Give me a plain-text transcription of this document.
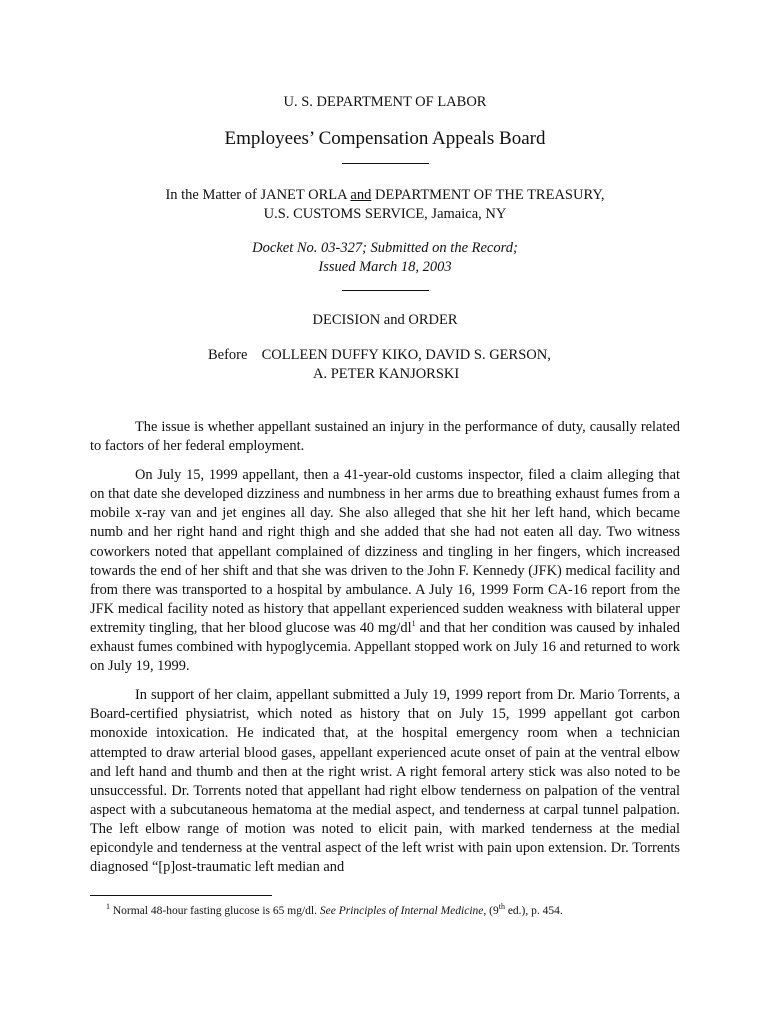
U. S. DEPARTMENT OF LABOR
Employees’ Compensation Appeals Board
In the Matter of JANET ORLA and DEPARTMENT OF THE TREASURY,
U.S. CUSTOMS SERVICE, Jamaica, NY
Docket No. 03-327; Submitted on the Record;
Issued March 18, 2003
DECISION and ORDER
Before COLLEEN DUFFY KIKO, DAVID S. GERSON,
A. PETER KANJORSKI

The issue is whether appellant sustained an injury in the performance of duty, causally related to factors of her federal employment.

On July 15, 1999 appellant, then a 41-year-old customs inspector, filed a claim alleging that on that date she developed dizziness and numbness in her arms due to breathing exhaust fumes from a mobile x-ray van and jet engines all day. She also alleged that she hit her left hand, which became numb and her right hand and right thigh and she added that she had not eaten all day. Two witness coworkers noted that appellant complained of dizziness and tingling in her fingers, which increased towards the end of her shift and that she was driven to the John F. Kennedy (JFK) medical facility and from there was transported to a hospital by ambulance. A July 16, 1999 Form CA-16 report from the JFK medical facility noted as history that appellant experienced sudden weakness with bilateral upper extremity tingling, that her blood glucose was 40 $mg/dl^1$ and that her condition was caused by inhaled exhaust fumes combined with hypoglycemia. Appellant stopped work on July 16 and returned to work on July 19, 1999.

In support of her claim, appellant submitted a July 19, 1999 report from Dr. Mario Torrents, a Board-certified physiatrist, which noted as history that on July 15, 1999 appellant got carbon monoxide intoxication. He indicated that, at the hospital emergency room when a technician attempted to draw arterial blood gases, appellant experienced acute onset of pain at the ventral elbow and left hand and thumb and then at the right wrist. A right femoral artery stick was also noted to be unsuccessful. Dr. Torrents noted that appellant had right elbow tenderness on palpation of the ventral aspect with a subcutaneous hematoma at the medial aspect, and tenderness at carpal tunnel palpation. The left elbow range of motion was noted to elicit pain, with marked tenderness at the medial epicondyle and tenderness at the ventral aspect of the left wrist with pain upon extension. Dr. Torrents diagnosed “[p]ost-traumatic left median and

$^1$ Normal 48-hour fasting glucose is 65 mg/dl. See Principles of Internal Medicine, (9th ed.), p. 454.
